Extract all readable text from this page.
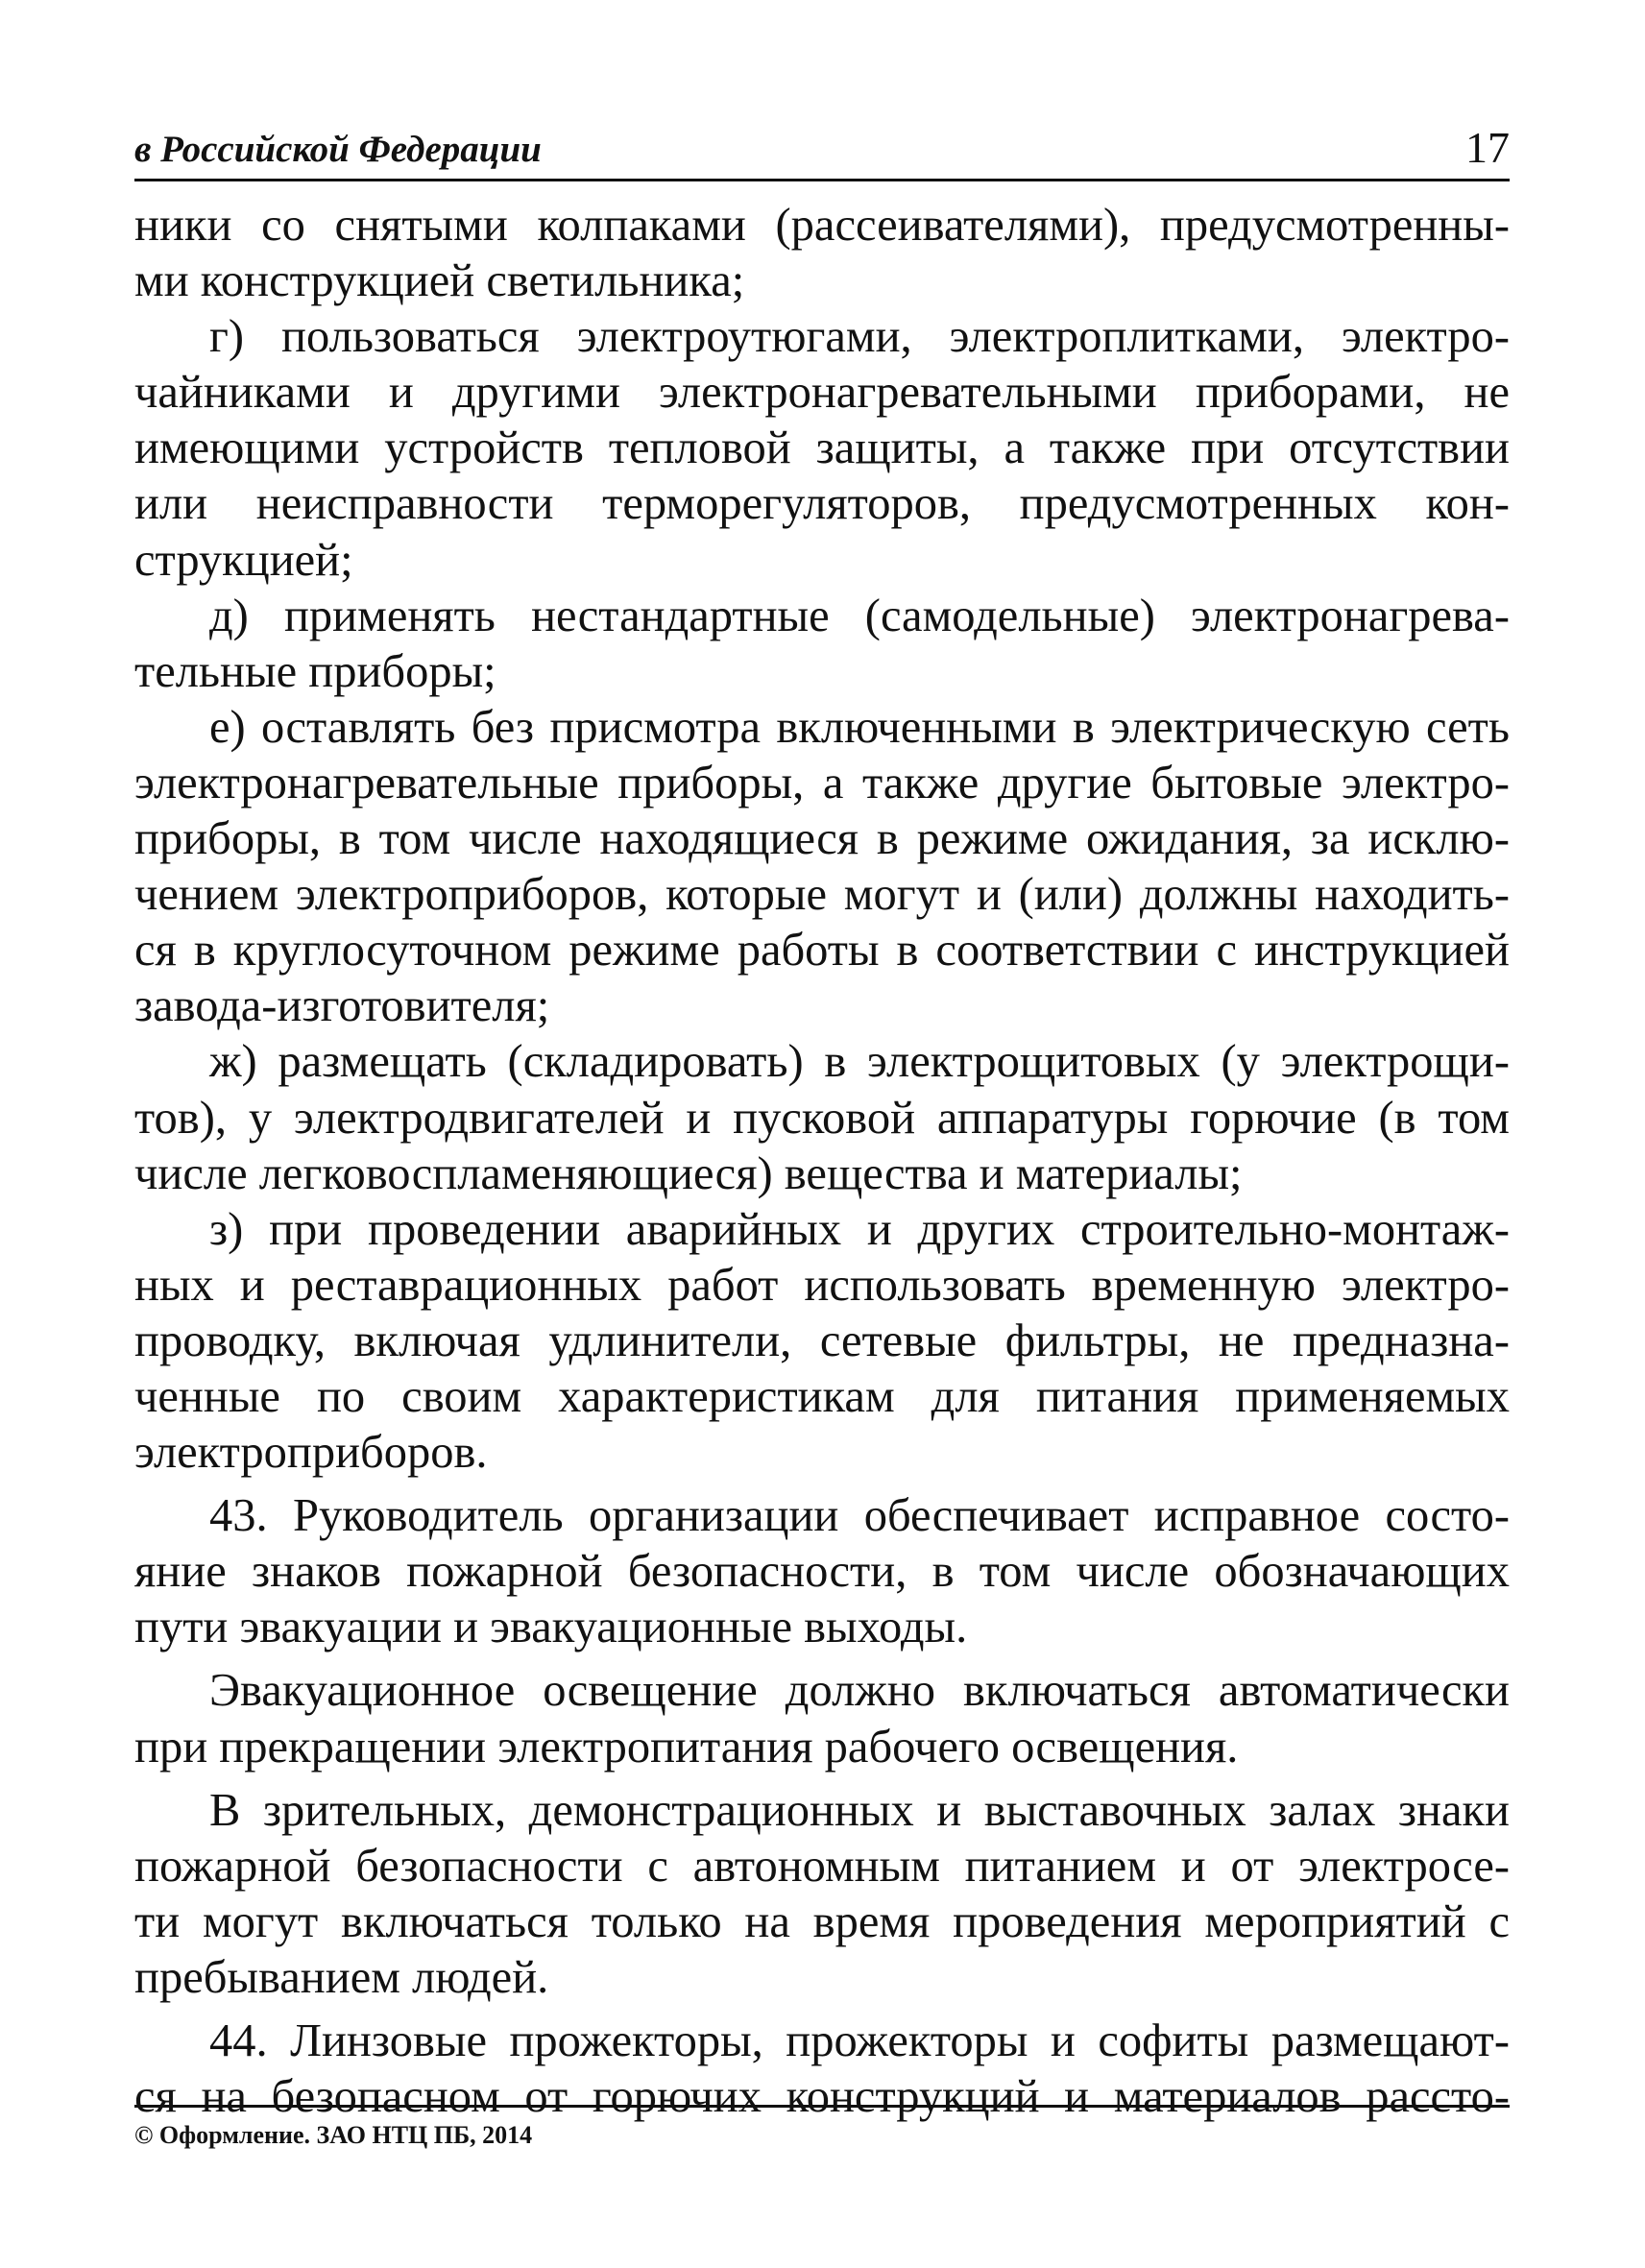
в Российской Федерации	17
ники со снятыми колпаками (рассеивателями), предусмотренны-
ми конструкцией светильника;
г) пользоваться электроутюгами, электроплитками, электро-
чайниками и другими электронагревательными приборами, не
имеющими устройств тепловой защиты, а также при отсутствии
или неисправности терморегуляторов, предусмотренных кон-
струкцией;
д) применять нестандартные (самодельные) электронагрева-
тельные приборы;
е) оставлять без присмотра включенными в электрическую сеть
электронагревательные приборы, а также другие бытовые электро-
приборы, в том числе находящиеся в режиме ожидания, за исклю-
чением электроприборов, которые могут и (или) должны находить-
ся в круглосуточном режиме работы в соответствии с инструкцией
завода-изготовителя;
ж) размещать (складировать) в электрощитовых (у электрощи-
тов), у электродвигателей и пусковой аппаратуры горючие (в том
числе легковоспламеняющиеся) вещества и материалы;
з) при проведении аварийных и других строительно-монтаж-
ных и реставрационных работ использовать временную электро-
проводку, включая удлинители, сетевые фильтры, не предназна-
ченные по своим характеристикам для питания применяемых
электроприборов.
43. Руководитель организации обеспечивает исправное состо-
яние знаков пожарной безопасности, в том числе обозначающих
пути эвакуации и эвакуационные выходы.
Эвакуационное освещение должно включаться автоматически
при прекращении электропитания рабочего освещения.
В зрительных, демонстрационных и выставочных залах знаки
пожарной безопасности с автономным питанием и от электросе-
ти могут включаться только на время проведения мероприятий с
пребыванием людей.
44. Линзовые прожекторы, прожекторы и софиты размещают-
ся на безопасном от горючих конструкций и материалов рассто-
© Оформление. ЗАО НТЦ ПБ, 2014
